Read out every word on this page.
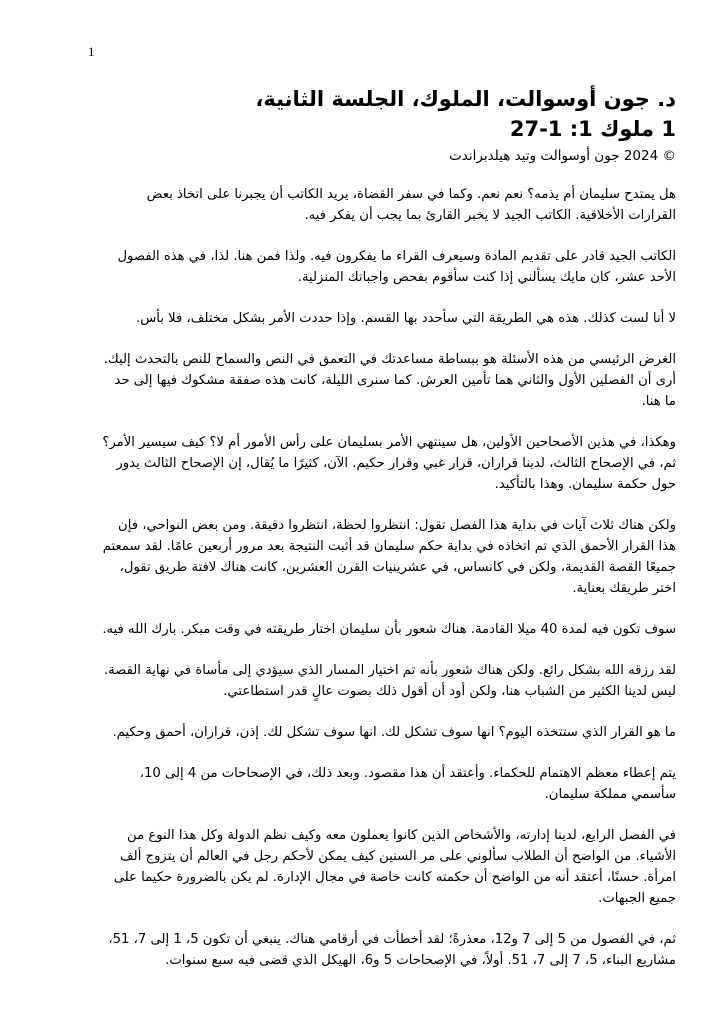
1
د. جون أوسوالت، الملوك، الجلسة الثانية،
1 ملوك 1: 1-27
© 2024 جون أوسوالت وتيد هيلدبراندت

هل يمتدح سليمان أم يذمه؟ نعم نعم. وكما في سفر القضاة، يريد الكاتب أن يجبرنا على اتخاذ بعض القرارات الأخلاقية. الكاتب الجيد لا يخبر القارئ بما يجب أن يفكر فيه.

الكاتب الجيد قادر على تقديم المادة وسيعرف القراء ما يفكرون فيه. ولذا فمن هنا. لذا، في هذه الفصول الأحد عشر، كان مايك يسألني إذا كنت سأقوم بفحص واجباتك المنزلية.

لا أنا لست كذلك. هذه هي الطريقة التي سأحدد بها القسم. وإذا حددت الأمر بشكل مختلف، فلا بأس.

الغرض الرئيسي من هذه الأسئلة هو ببساطة مساعدتك في التعمق في النص والسماح للنص بالتحدث إليك. أرى أن الفصلين الأول والثاني هما تأمين العرش. كما سنرى الليلة، كانت هذه صفقة مشكوك فيها إلى حد ما هنا.

وهكذا، في هذين الأصحاحين الأولين، هل سينتهي الأمر بسليمان على رأس الأمور أم لا؟ كيف سيسير الأمر؟ ثم، في الإصحاح الثالث، لدينا قراران، قرار غبي وقرار حكيم. الآن، كثيرًا ما يُقال، إن الإصحاح الثالث يدور حول حكمة سليمان. وهذا بالتأكيد.

ولكن هناك ثلاث آيات في بداية هذا الفصل تقول: انتظروا لحظة، انتظروا دقيقة. ومن بعض النواحي، فإن هذا القرار الأحمق الذي تم اتخاذه في بداية حكم سليمان قد أثبت النتيجة بعد مرور أربعين عامًا. لقد سمعتم جميعًا القصة القديمة، ولكن في كانساس، في عشرينيات القرن العشرين، كانت هناك لافتة طريق تقول، اختر طريقك بعناية.

سوف تكون فيه لمدة 40 ميلا القادمة. هناك شعور بأن سليمان اختار طريقته في وقت مبكر. بارك الله فيه.

لقد رزقه الله بشكل رائع. ولكن هناك شعور بأنه تم اختيار المسار الذي سيؤدي إلى مأساة في نهاية القصة. ليس لدينا الكثير من الشباب هنا، ولكن أود أن أقول ذلك بصوت عالٍ قدر استطاعتي.

ما هو القرار الذي ستتخذه اليوم؟ انها سوف تشكل لك. انها سوف تشكل لك. إذن، قراران، أحمق وحكيم.

يتم إعطاء معظم الاهتمام للحكماء. وأعتقد أن هذا مقصود. وبعد ذلك، في الإصحاحات من 4 إلى 10، سأسمي مملكة سليمان.

في الفصل الرابع، لدينا إدارته، والأشخاص الذين كانوا يعملون معه وكيف نظم الدولة وكل هذا النوع من الأشياء. من الواضح أن الطلاب سألوني على مر السنين كيف يمكن لأحكم رجل في العالم أن يتزوج ألف امرأة. حسنًا، أعتقد أنه من الواضح أن حكمته كانت خاصة في مجال الإدارة. لم يكن بالضرورة حكيما على جميع الجبهات.

ثم، في الفصول من 5 إلى 7 و12، معذرةً؛ لقد أخطأت في أرقامي هناك. ينبغي أن تكون 5، 1 إلى 7، 51، مشاريع البناء، 5، 7 إلى 7، 51. أولاً، في الإصحاحات 5 و6، الهيكل الذي قضى فيه سبع سنوات.
